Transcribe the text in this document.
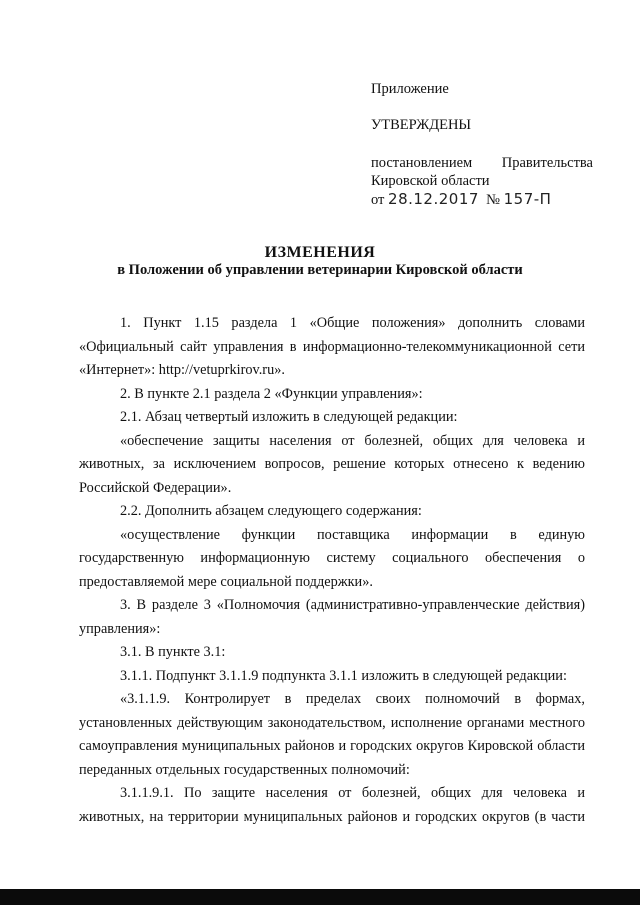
Приложение
УТВЕРЖДЕНЫ
постановлением Правительства
Кировской области
от 28.12.2017 № 157-П
ИЗМЕНЕНИЯ
в Положении об управлении ветеринарии Кировской области

1. Пункт 1.15 раздела 1 «Общие положения» дополнить словами «Официальный сайт управления в информационно-телекоммуникационной сети «Интернет»: http://vetuprkirov.ru».

2. В пункте 2.1 раздела 2 «Функции управления»:

2.1. Абзац четвертый изложить в следующей редакции:

«обеспечение защиты населения от болезней, общих для человека и животных, за исключением вопросов, решение которых отнесено к ведению Российской Федерации».

2.2. Дополнить абзацем следующего содержания:

«осуществление функции поставщика информации в единую государственную информационную систему социального обеспечения о предоставляемой мере социальной поддержки».

3. В разделе 3 «Полномочия (административно-управленческие действия) управления»:

3.1. В пункте 3.1:

3.1.1. Подпункт 3.1.1.9 подпункта 3.1.1 изложить в следующей редакции:

«3.1.1.9. Контролирует в пределах своих полномочий в формах, установленных действующим законодательством, исполнение органами местного самоуправления муниципальных районов и городских округов Кировской области переданных отдельных государственных полномочий:

3.1.1.9.1. По защите населения от болезней, общих для человека и животных, на территории муниципальных районов и городских округов (в части
